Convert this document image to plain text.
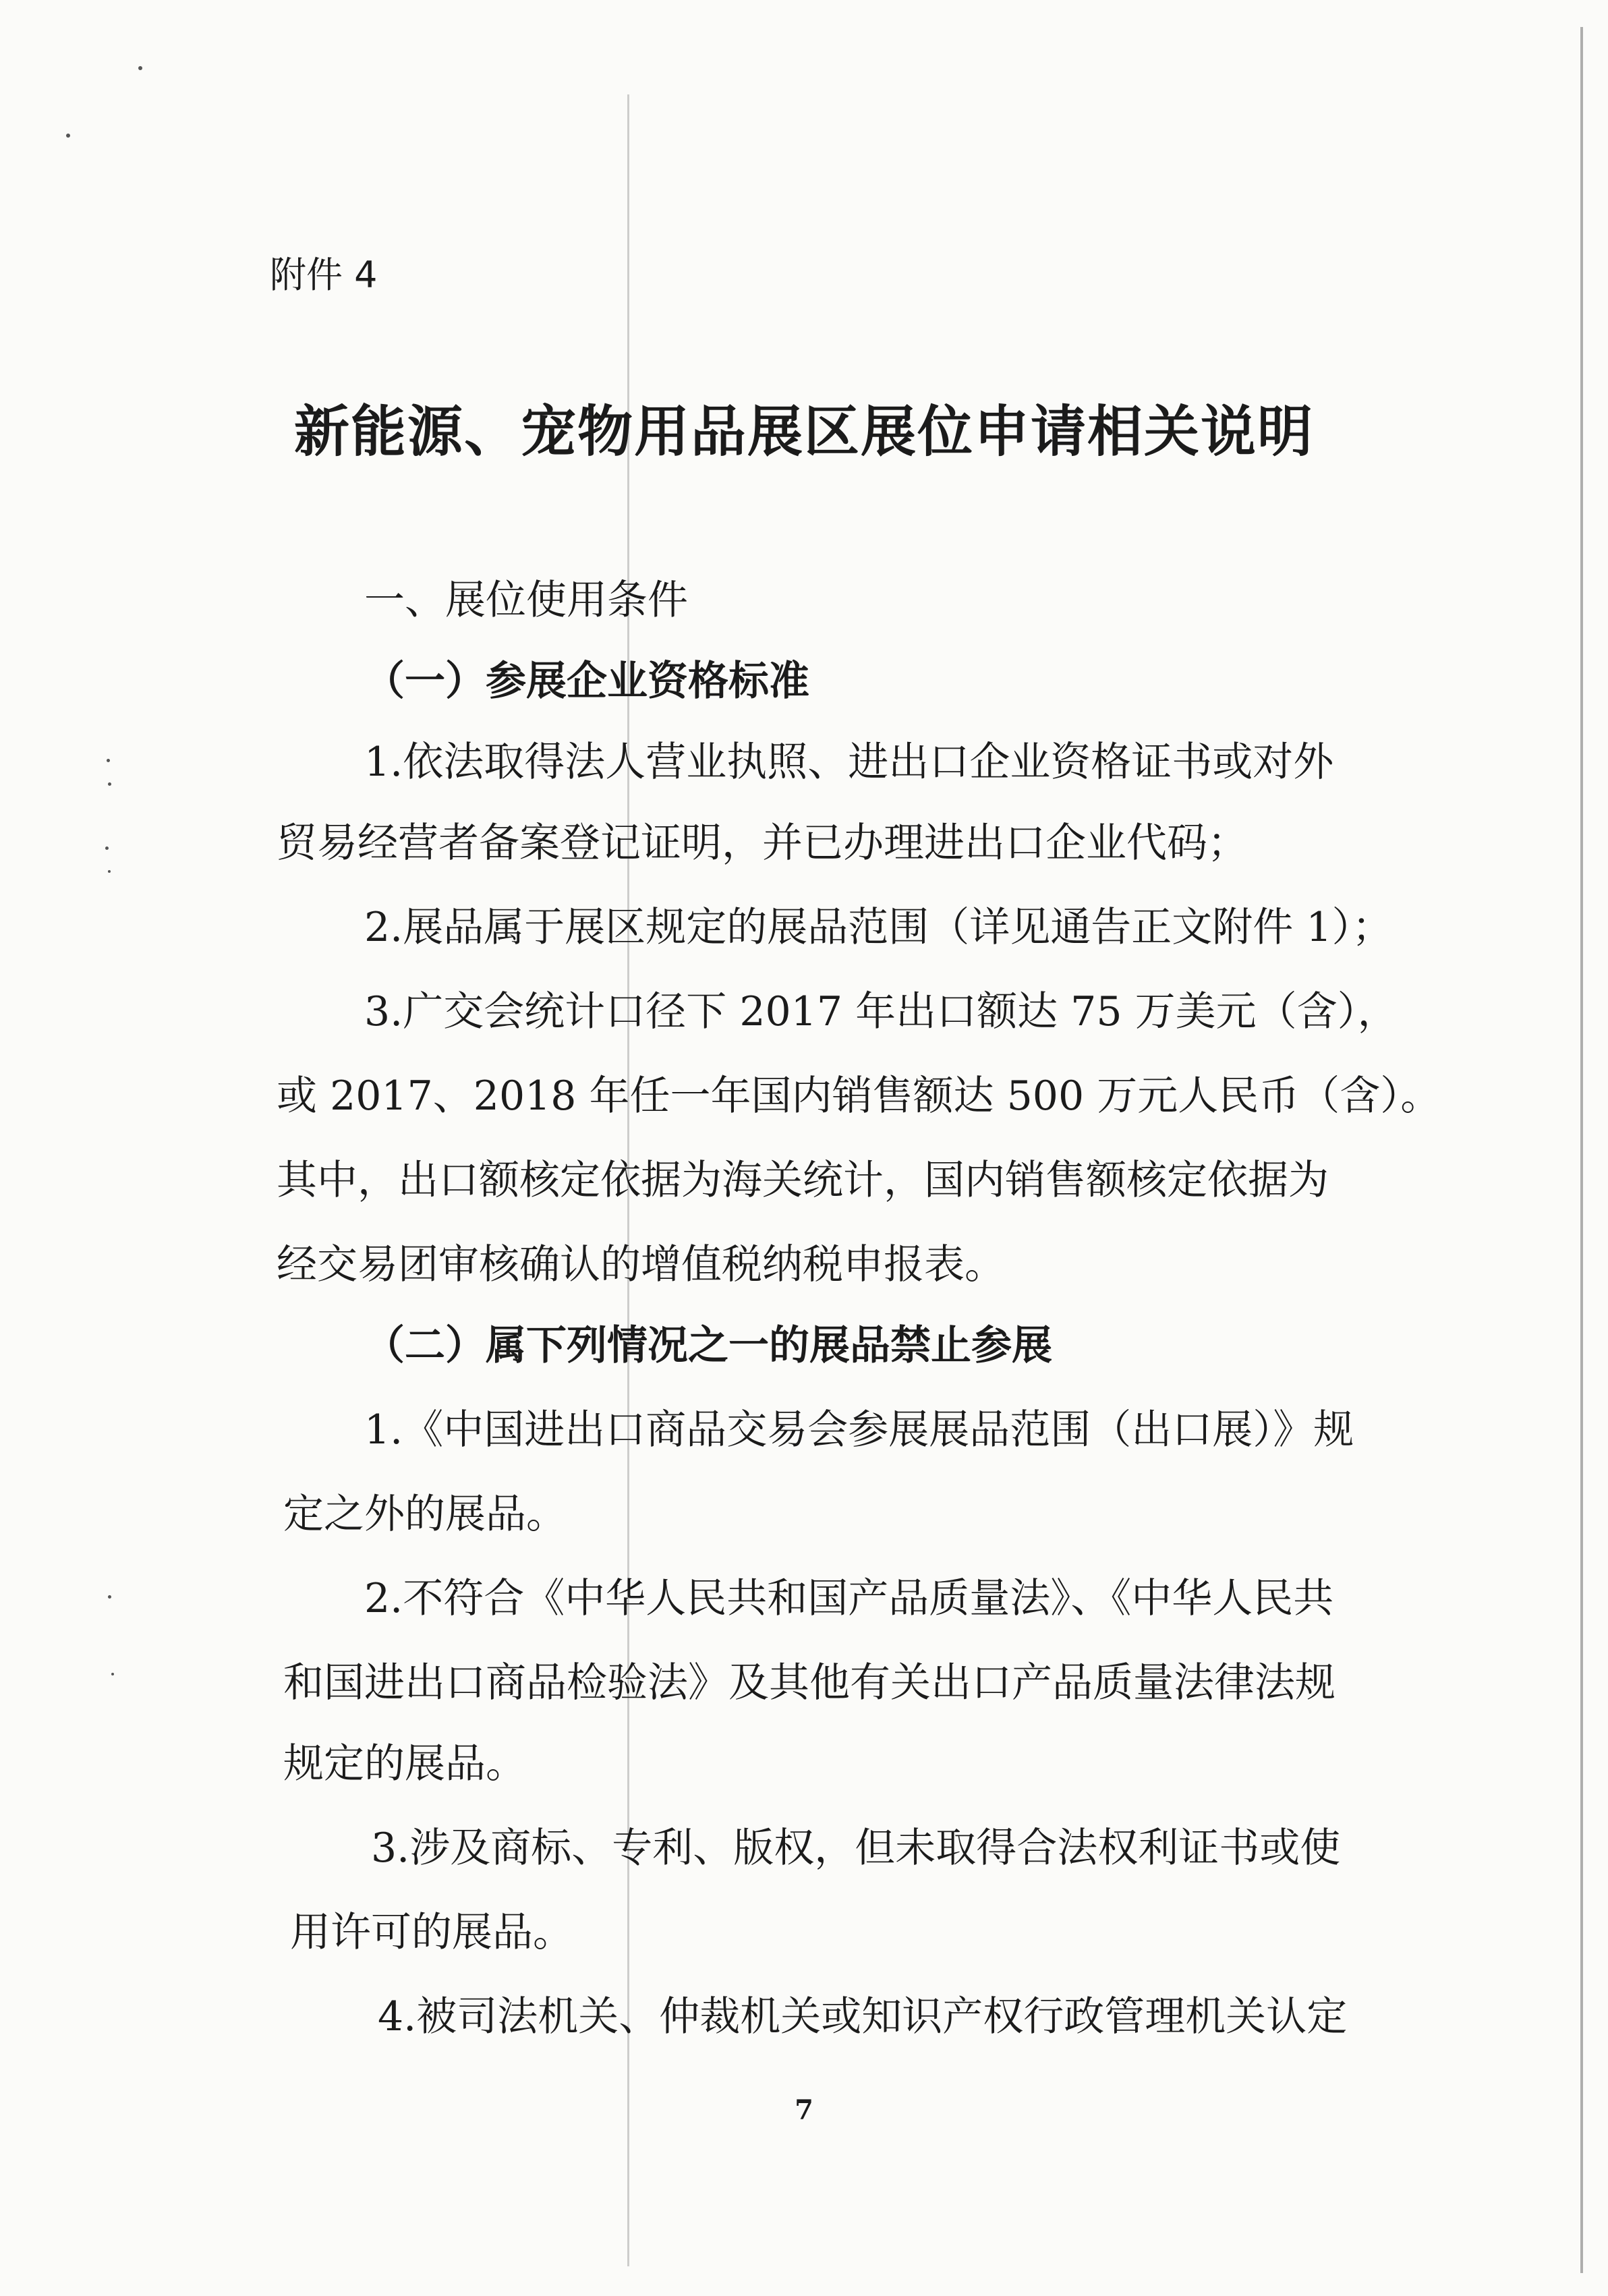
附件 4
新能源、宠物用品展区展位申请相关说明
一、展位使用条件
（一）参展企业资格标准
1.依法取得法人营业执照、进出口企业资格证书或对外
贸易经营者备案登记证明，并已办理进出口企业代码；
2.展品属于展区规定的展品范围（详见通告正文附件 1）；
3.广交会统计口径下 2017 年出口额达 75 万美元（含），
或 2017、2018 年任一年国内销售额达 500 万元人民币（含）。
其中，出口额核定依据为海关统计，国内销售额核定依据为
经交易团审核确认的增值税纳税申报表。
（二）属下列情况之一的展品禁止参展
1.《中国进出口商品交易会参展展品范围（出口展）》规
定之外的展品。
2.不符合《中华人民共和国产品质量法》、《中华人民共
和国进出口商品检验法》及其他有关出口产品质量法律法规
规定的展品。
3.涉及商标、专利、版权，但未取得合法权利证书或使
用许可的展品。
4.被司法机关、仲裁机关或知识产权行政管理机关认定
7
